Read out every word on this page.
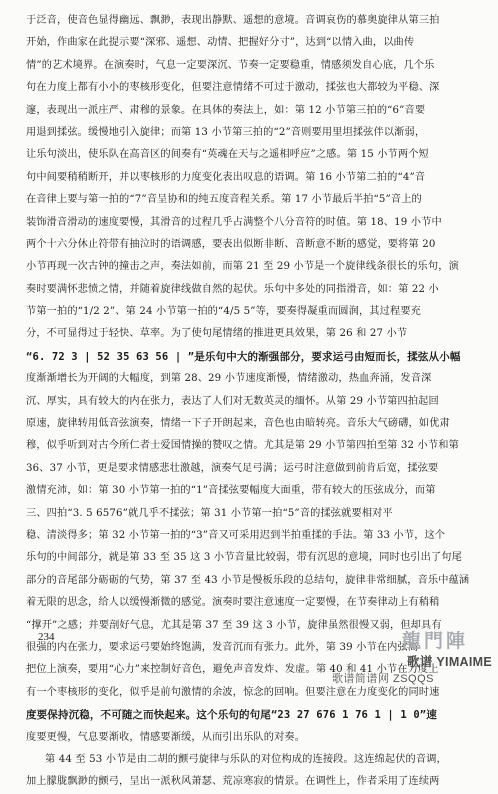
于泛音，使音色显得幽远、飘渺，表现出静默、遥想的意境。音调哀伤的慕奥旋律从第三拍
开始，作曲家在此提示要“深邪、遥想、动情、把握好分寸”，达到“以情入曲，以曲传
情”的艺术境界。在演奏时，气息一定要深沉、节奏一定要稳重，情感须发自心底，几个乐
句在力度上都有小小的枣核形变化，但要注意情绪不可过于激动，揉弦也大都较为平稳、深
邃，表现出一派庄严、肃穆的景象。在具体的奏法上，如：第 12 小节第三拍的“6”音要
用退到揉弦。缓慢地引入旋律；而第 13 小节第三拍的“2”音则要用里坦揉弦伴以渐弱，
让乐句淡出，使乐队在高音区的间奏有“英魂在天与之遥相呼应”之感。第 15 小节两个短
句中间要稍稍断开，并以枣核形的力度变化表出叹息的语调。第 16 小节第二拍的“4”音
在音律上要与第一拍的“7”音呈协和的纯五度音程关系。第 17 小节最后半拍“5”音上的
装饰滑音滑动的速度要慢，其滑音的过程几乎占满整个八分音符的时值。第 18、19 小节中
两个十六分休止符带有抽泣时的语调感，要表出似断非断、音断意不断的感觉，要将第 20
小节再现一次古钟的撞击之声，奏法如前，而第 21 至 29 小节是一个旋律线条很长的乐句，演
奏时要满怀悲愤之情，并随着旋律线做自然的起伏。乐句中多处的同指滑音，如：第 22 小
节第一拍的“1/2 2”、第 24 小节第一拍的“4/5 5”等，要奏得凝重而圆润，其过程要充
分，不可显得过于轻快、草率。为了使句尾情绪的推进更具效果，第 26 和 27 小节
“6. 72 3 | 52 35 63 56 | ”是乐句中大的渐强部分，要求运弓由短而长，揉弦从小幅
度渐渐增长为开阔的大幅度，到第 28、29 小节速度渐慢，情绪激动，热血奔涌，发音深
沉、厚实，具有较大的内在张力，表达了人们对无数英灵的缅怀。从第 29 小节第四拍起回
原速，旋律转用低音弦演奏，情绪一下子开朗起来，音色也由暗转亮。音乐大气磅礴，如优肃
穆，似乎听到对古今所仁者士爱国情操的赞叹之情。尤其是第 29 小节第四拍至第 32 小节和第
36、37 小节，更是要求情感悲壮激越，演奏气足弓满；运弓时注意做到前肯后宽，揉弦要
激情充沛，如：第 30 小节第一拍的“1”音揉弦要幅度大面重，带有较大的压弦成分，而第
三、四拍“3. 5 6576”就几乎不揉弦；第 31 小节第一拍“5”音的揉弦就要相对平
稳、清淡得多；第 32 小节第一拍的“3”音又可采用迟到半拍重揉的手法。第 33 小节，这个
乐句的中间部分，就是第 33 至 35 这 3 小节音量比较弱，带有沉思的意境，同时也引出了句尾
部分的音尾部分砺砺的气势，第 37 至 43 小节是慢板乐段的总结句，旋律非常细腻，音乐中蕴涵
着无限的思念，给人以缓慢渐微的感觉。演奏时要注意速度一定要慢，在节奏律动上有稍稍
“撑开”之感；并要剖好气息，尤其是第 37 至 39 这 3 小节，旋律虽然很慢又弱，但却具有
很强的内在张力，要求运弓要始终饱满，发音沉而有张力。此外，第 39 小节在内弦高
把位上演奏，要用“心力”来控制好音色，避免声音发炸、发虚。第 40 和 41 小节在力度上
有一个枣核形的变化，似乎是前句激情的余波，惊念的回响。但要注意在力度变化的同时速
度要保持沉稳，不可随之而快起来。这个乐句的句尾“23 27 676 1 76 1 | 1 0”速
度要更慢，气息要渐收，情感要渐缓，从而引出乐队的对奏。
第 44 至 53 小节是由二胡的颤弓旋律与乐队的对位构成的连接段。这连绵起伏的音调，
加上朦胧飘渺的颤弓，呈出一派秋风萧瑟、荒凉寒寂的情景。在调性上，作者采用了连续两
234	龍門陣
歌谱 YIMAIME
歌谱简谱网 ZSQQS
